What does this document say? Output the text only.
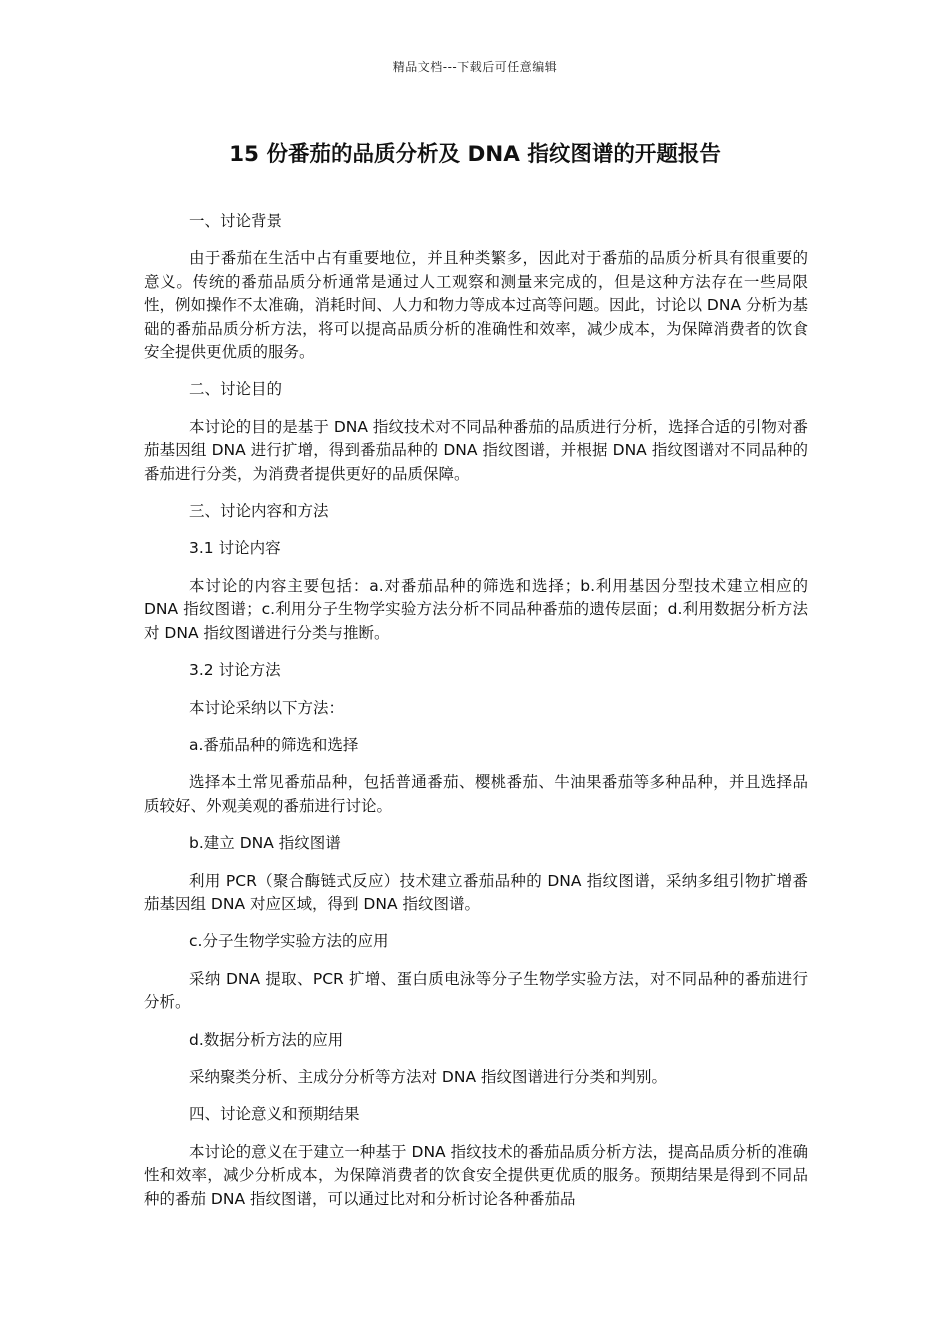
精品文档---下载后可任意编辑
15 份番茄的品质分析及 DNA 指纹图谱的开题报告

一、讨论背景

由于番茄在生活中占有重要地位，并且种类繁多，因此对于番茄的品质分析具有很重要的意义。传统的番茄品质分析通常是通过人工观察和测量来完成的，但是这种方法存在一些局限性，例如操作不太准确，消耗时间、人力和物力等成本过高等问题。因此，讨论以 DNA 分析为基础的番茄品质分析方法，将可以提高品质分析的准确性和效率，减少成本，为保障消费者的饮食安全提供更优质的服务。

二、讨论目的

本讨论的目的是基于 DNA 指纹技术对不同品种番茄的品质进行分析，选择合适的引物对番茄基因组 DNA 进行扩增，得到番茄品种的 DNA 指纹图谱，并根据 DNA 指纹图谱对不同品种的番茄进行分类，为消费者提供更好的品质保障。

三、讨论内容和方法

3.1 讨论内容

本讨论的内容主要包括：a.对番茄品种的筛选和选择；b.利用基因分型技术建立相应的 DNA 指纹图谱；c.利用分子生物学实验方法分析不同品种番茄的遗传层面；d.利用数据分析方法对 DNA 指纹图谱进行分类与推断。

3.2 讨论方法

本讨论采纳以下方法：

a.番茄品种的筛选和选择

选择本土常见番茄品种，包括普通番茄、樱桃番茄、牛油果番茄等多种品种，并且选择品质较好、外观美观的番茄进行讨论。

b.建立 DNA 指纹图谱

利用 PCR（聚合酶链式反应）技术建立番茄品种的 DNA 指纹图谱，采纳多组引物扩增番茄基因组 DNA 对应区域，得到 DNA 指纹图谱。

c.分子生物学实验方法的应用

采纳 DNA 提取、PCR 扩增、蛋白质电泳等分子生物学实验方法，对不同品种的番茄进行分析。

d.数据分析方法的应用

采纳聚类分析、主成分分析等方法对 DNA 指纹图谱进行分类和判别。

四、讨论意义和预期结果

本讨论的意义在于建立一种基于 DNA 指纹技术的番茄品质分析方法，提高品质分析的准确性和效率，减少分析成本，为保障消费者的饮食安全提供更优质的服务。预期结果是得到不同品种的番茄 DNA 指纹图谱，可以通过比对和分析讨论各种番茄品
